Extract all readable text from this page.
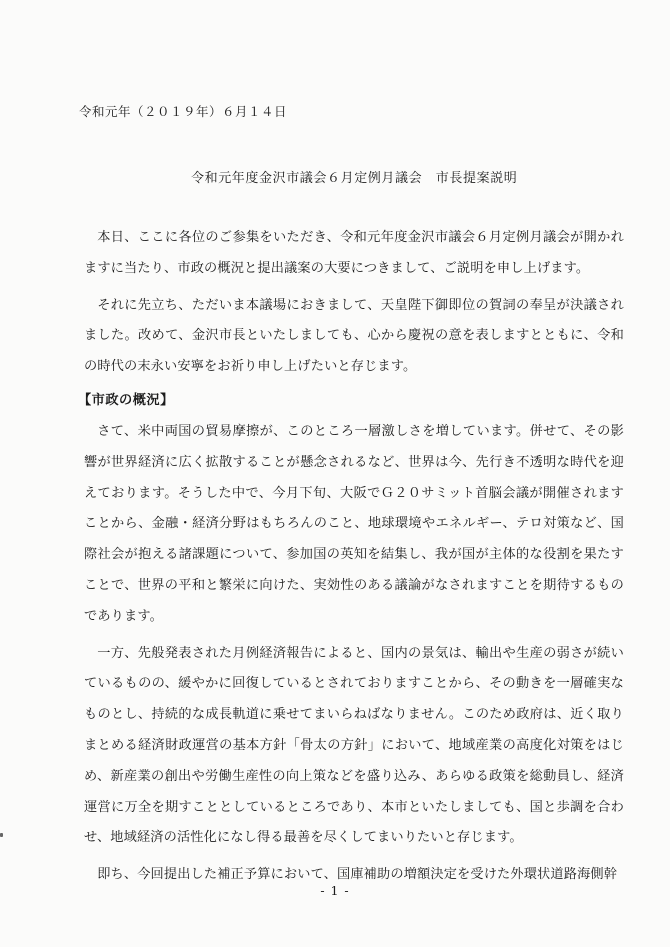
令和元年（２０１９年）６月１４日
令和元年度金沢市議会６月定例月議会　市長提案説明

本日、ここに各位のご参集をいただき、令和元年度金沢市議会６月定例月議会が開かれますに当たり、市政の概況と提出議案の大要につきまして、ご説明を申し上げます。

それに先立ち、ただいま本議場におきまして、天皇陛下御即位の賀詞の奉呈が決議されました。改めて、金沢市長といたしましても、心から慶祝の意を表しますとともに、令和の時代の末永い安寧をお祈り申し上げたいと存じます。

【市政の概況】

さて、米中両国の貿易摩擦が、このところ一層激しさを増しています。併せて、その影響が世界経済に広く拡散することが懸念されるなど、世界は今、先行き不透明な時代を迎えております。そうした中で、今月下旬、大阪でＧ２０サミット首脳会議が開催されますことから、金融・経済分野はもちろんのこと、地球環境やエネルギー、テロ対策など、国際社会が抱える諸課題について、参加国の英知を結集し、我が国が主体的な役割を果たすことで、世界の平和と繁栄に向けた、実効性のある議論がなされますことを期待するものであります。

一方、先般発表された月例経済報告によると、国内の景気は、輸出や生産の弱さが続いているものの、緩やかに回復しているとされておりますことから、その動きを一層確実なものとし、持続的な成長軌道に乗せてまいらねばなりません。このため政府は、近く取りまとめる経済財政運営の基本方針「骨太の方針」において、地域産業の高度化対策をはじめ、新産業の創出や労働生産性の向上策などを盛り込み、あらゆる政策を総動員し、経済運営に万全を期すこととしているところであり、本市といたしましても、国と歩調を合わせ、地域経済の活性化になし得る最善を尽くしてまいりたいと存じます。

即ち、今回提出した補正予算において、国庫補助の増額決定を受けた外環状道路海側幹

- 1 -
